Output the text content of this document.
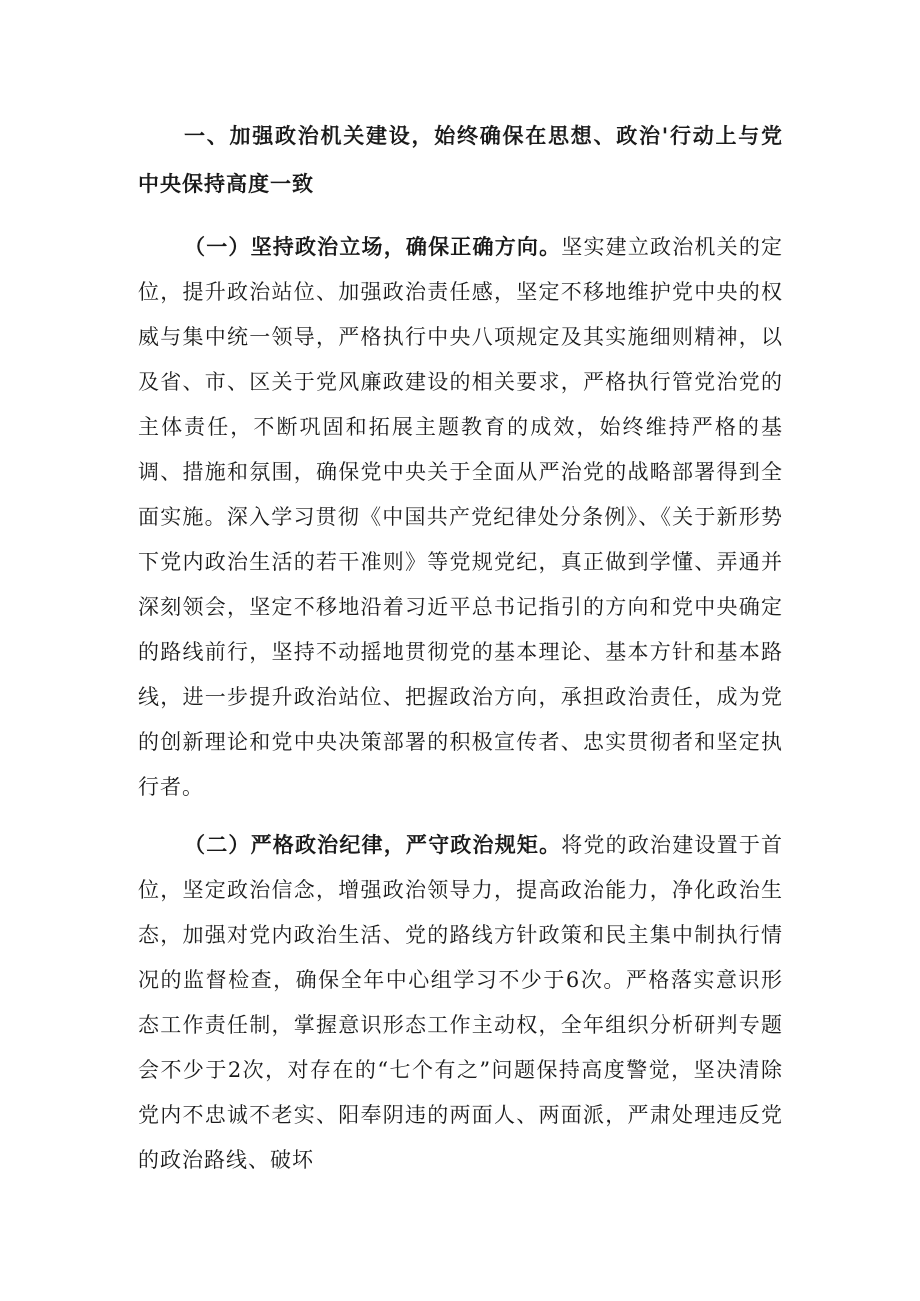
一、加强政治机关建设，始终确保在思想、政治'行动上与党中央保持高度一致

（一）坚持政治立场，确保正确方向。坚实建立政治机关的定位，提升政治站位、加强政治责任感，坚定不移地维护党中央的权威与集中统一领导，严格执行中央八项规定及其实施细则精神，以及省、市、区关于党风廉政建设的相关要求，严格执行管党治党的主体责任，不断巩固和拓展主题教育的成效，始终维持严格的基调、措施和氛围，确保党中央关于全面从严治党的战略部署得到全面实施。深入学习贯彻《中国共产党纪律处分条例》、《关于新形势下党内政治生活的若干准则》等党规党纪，真正做到学懂、弄通并深刻领会，坚定不移地沿着习近平总书记指引的方向和党中央确定的路线前行，坚持不动摇地贯彻党的基本理论、基本方针和基本路线，进一步提升政治站位、把握政治方向，承担政治责任，成为党的创新理论和党中央决策部署的积极宣传者、忠实贯彻者和坚定执行者。

（二）严格政治纪律，严守政治规矩。将党的政治建设置于首位，坚定政治信念，增强政治领导力，提高政治能力，净化政治生态，加强对党内政治生活、党的路线方针政策和民主集中制执行情况的监督检查，确保全年中心组学习不少于6次。严格落实意识形态工作责任制，掌握意识形态工作主动权，全年组织分析研判专题会不少于2次，对存在的“七个有之”问题保持高度警觉，坚决清除党内不忠诚不老实、阳奉阴违的两面人、两面派，严肃处理违反党的政治路线、破坏
